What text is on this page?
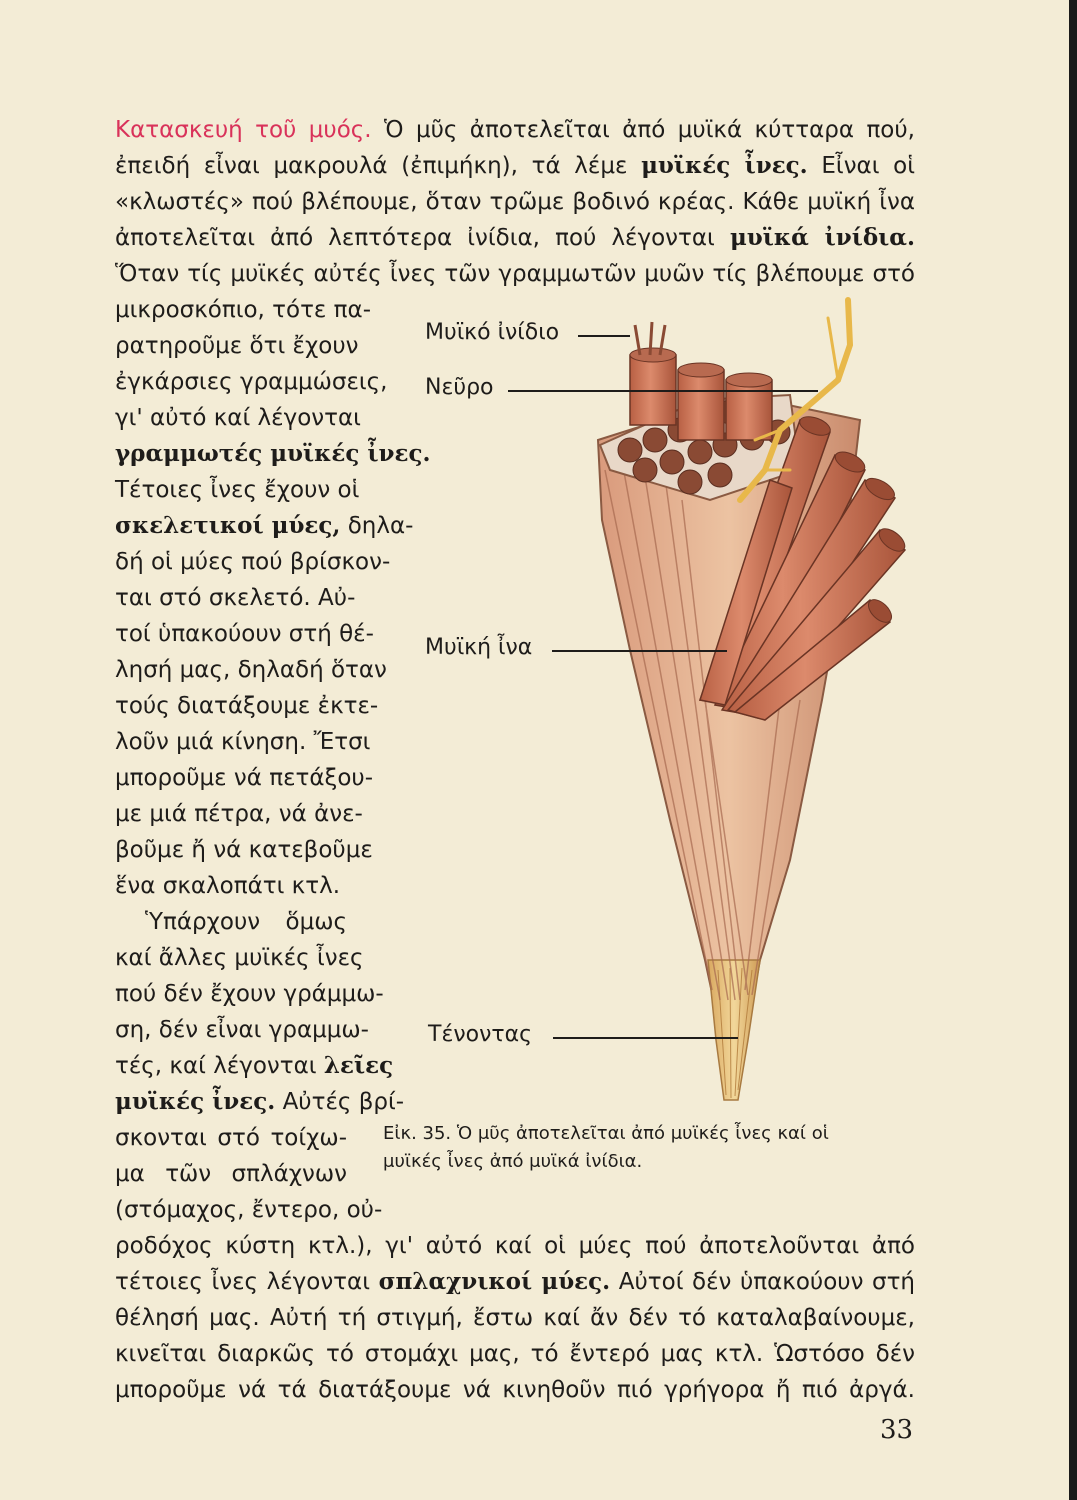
Κατασκευή τοῦ μυός. Ὁ μῦς ἀποτελεῖται ἀπό μυϊκά κύτταρα πού,
ἐπειδή εἶναι μακρουλά (ἐπιμήκη), τά λέμε μυϊκές ἶνες. Εἶναι οἱ
«κλωστές» πού βλέπουμε, ὅταν τρῶμε βοδινό κρέας. Κάθε μυϊκή ἶνα
ἀποτελεῖται ἀπό λεπτότερα ἰνίδια, πού λέγονται μυϊκά ἰνίδια.
Ὅταν τίς μυϊκές αὐτές ἶνες τῶν γραμμωτῶν μυῶν τίς βλέπουμε στό
μικροσκόπιο, τότε πα-
ρατηροῦμε ὅτι ἔχουν
ἐγκάρσιες γραμμώσεις,
γι' αὐτό καί λέγονται
γραμμωτές μυϊκές ἶνες.
Τέτοιες ἶνες ἔχουν οἱ
σκελετικοί μύες, δηλα-
δή οἱ μύες πού βρίσκον-
ται στό σκελετό. Αὐ-
τοί ὑπακούουν στή θέ-
λησή μας, δηλαδή ὅταν
τούς διατάξουμε ἐκτε-
λοῦν μιά κίνηση. Ἔτσι
μποροῦμε νά πετάξου-
με μιά πέτρα, νά ἀνε-
βοῦμε ἤ νά κατεβοῦμε
ἕνα σκαλοπάτι κτλ.
Ὑπάρχουν ὅμως
καί ἄλλες μυϊκές ἶνες
πού δέν ἔχουν γράμμω-
ση, δέν εἶναι γραμμω-
τές, καί λέγονται λεῖες
μυϊκές ἶνες. Αὐτές βρί-
σκονται στό τοίχω-
μα τῶν σπλάχνων
(στόμαχος, ἔντερο, οὐ-
ροδόχος κύστη κτλ.), γι' αὐτό καί οἱ μύες πού ἀποτελοῦνται ἀπό
τέτοιες ἶνες λέγονται σπλαχνικοί μύες. Αὐτοί δέν ὑπακούουν στή
θέλησή μας. Αὐτή τή στιγμή, ἔστω καί ἄν δέν τό καταλαβαίνουμε,
κινεῖται διαρκῶς τό στομάχι μας, τό ἔντερό μας κτλ. Ὡστόσο δέν
μποροῦμε νά τά διατάξουμε νά κινηθοῦν πιό γρήγορα ἤ πιό ἀργά.
Μυϊκό ἰνίδιο
Νεῦρο
Μυϊκή ἶνα
Τένοντας
Εἰκ. 35. Ὁ μῦς ἀποτελεῖται ἀπό μυϊκές ἶνες καί οἱ
μυϊκές ἶνες ἀπό μυϊκά ἰνίδια.
33
